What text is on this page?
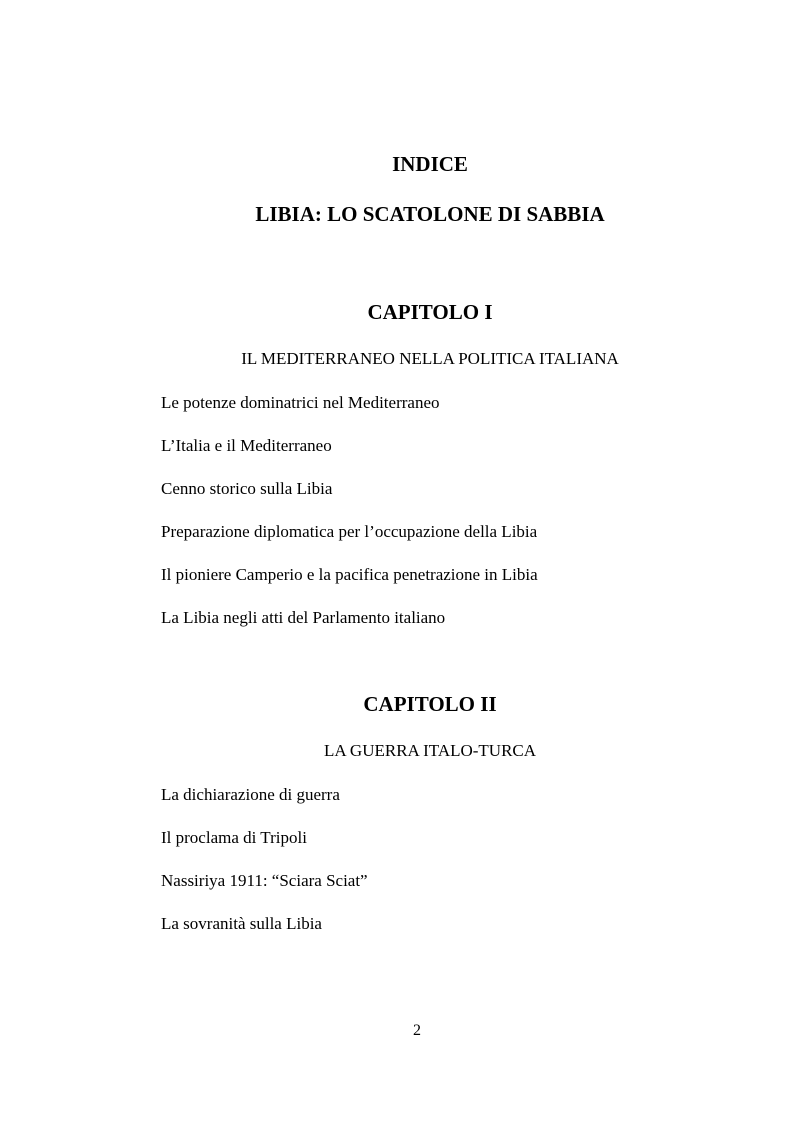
INDICE
LIBIA: LO SCATOLONE DI SABBIA
CAPITOLO I
IL MEDITERRANEO NELLA POLITICA ITALIANA
Le potenze dominatrici nel Mediterraneo
L’Italia e il Mediterraneo
Cenno storico sulla Libia
Preparazione diplomatica per l’occupazione della Libia
Il pioniere Camperio e la pacifica penetrazione in Libia
La Libia negli atti del Parlamento italiano
CAPITOLO II
LA GUERRA ITALO-TURCA
La dichiarazione di guerra
Il proclama di Tripoli
Nassiriya 1911: “Sciara Sciat”
La sovranità sulla Libia
2
